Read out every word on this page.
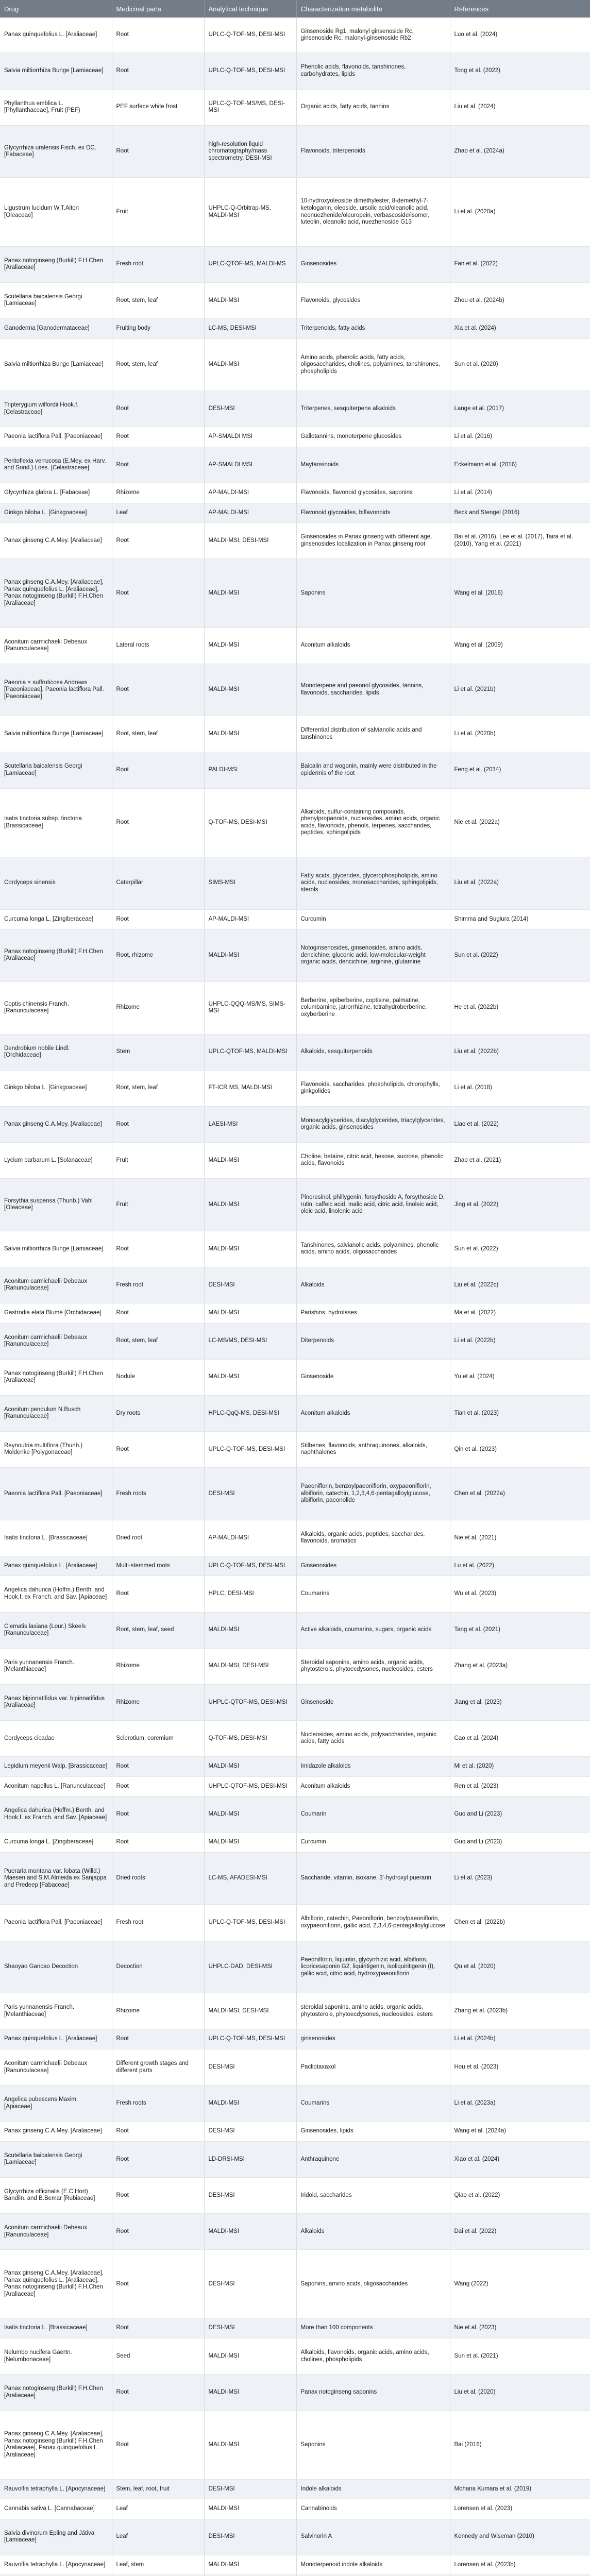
Drug	Medicinal parts	Analytical technique	Characterization metabolite	References
Panax quinquefolius L. [Araliaceae]	Root	UPLC-Q-TOF-MS, DESI-MSI	Ginsenoside Rg1, malonyl ginsenoside Rc, ginsenoside Rc, malonyl-ginsenoside Rb2	Luo et al. (2024)
Salvia miltiorrhiza Bunge [Lamiaceae]	Root	UPLC-Q-TOF-MS, DESI-MSI	Phenolic acids, flavonoids, tanshinones, carbohydrates, lipids	Tong et al. (2022)
Phyllanthus emblica L. [Phyllanthaceae], Fruit (PEF)	PEF surface white frost	UPLC-Q-TOF-MS/MS, DESI-MSI	Organic acids, fatty acids, tannins	Liu et al. (2024)
Glycyrrhiza uralensis Fisch. ex DC. [Fabaceae]	Root	high-resolution liquid chromatography/mass spectrometry, DESI-MSI	Flavonoids, triterpenoids	Zhao et al. (2024a)
Ligustrum lucidum W.T.Aiton [Oleaceae]	Fruit	UHPLC-Q-Orbitrap-MS, MALDI-MSI	10-hydroxyoleoside dimethylester, 8-demethyl-7-ketologanin, oleoside, ursolic acid/oleanolic acid, neonuezhenide/oleuropein, verbascoside/isomer, luteolin, oleanolic acid, nuezhenoside G13	Li et al. (2020a)
Panax notoginseng (Burkill) F.H.Chen [Araliaceae]	Fresh root	UPLC-QTOF-MS, MALDI-MS	Ginsenosides	Fan et al. (2022)
Scutellaria baicalensis Georgi [Lamiaceae]	Root, stem, leaf	MALDI-MSI	Flavonoids, glycosides	Zhou et al. (2024b)
Ganoderma [Ganodermataceae]	Fruiting body	LC-MS, DESI-MSI	Triterpenoids, fatty acids	Xia et al. (2024)
Salvia miltiorrhiza Bunge [Lamiaceae]	Root, stem, leaf	MALDI-MSI	Amino acids, phenolic acids, fatty acids, oligosaccharides, cholines, polyamines, tanshinones, phospholipids	Sun et al. (2020)
Tripterygium wilfordii Hook.f. [Celastraceae]	Root	DESI-MSI	Triterpenes, sesquiterpene alkaloids	Lange et al. (2017)
Paeonia lactiflora Pall. [Paeoniaceae]	Root	AP-SMALDI MSI	Gallotannins, monoterpene glucosides	Li et al. (2016)
Peritoflexia verrucosa (E.Mey. ex Harv. and Sond.) Loes. [Celastraceae]	Root	AP-SMALDI MSI	Maytansinoids	Eckelmann et al. (2016)
Glycyrrhiza glabra L. [Fabaceae]	Rhizome	AP-MALDI-MSI	Flavonoids, flavonoid glycosides, saponins	Li et al. (2014)
Ginkgo biloba L. [Ginkgoaceae]	Leaf	AP-MALDI-MSI	Flavonoid glycosides, biflavonoids	Beck and Stengel (2016)
Panax ginseng C.A.Mey. [Araliaceae]	Root	MALDI-MSI, DESI-MSI	Ginsenosides in Panax ginseng with different age, ginsenosides localization in Panax ginseng root	Bai et al. (2016), Lee et al. (2017), Taira et al. (2010), Yang et al. (2021)
Panax ginseng C.A.Mey. [Araliaceae], Panax quinquefolius L. [Araliaceae], Panax notoginseng (Burkill) F.H.Chen [Araliaceae]	Root	MALDI-MSI	Saponins	Wang et al. (2016)
Aconitum carmichaelii Debeaux [Ranunculaceae]	Lateral roots	MALDI-MSI	Aconitum alkaloids	Wang et al. (2009)
Paeonia × suffruticosa Andrews [Paeoniaceae], Paeonia lactiflora Pall. [Paeoniaceae]	Root	MALDI-MSI	Monoterpene and paeonol glycosides, tannins, flavonoids, saccharides, lipids	Li et al. (2021b)
Salvia miltiorrhiza Bunge [Lamiaceae]	Root, stem, leaf	MALDI-MSI	Differential distribution of salvianolic acids and tanshinones	Li et al. (2020b)
Scutellaria baicalensis Georgi [Lamiaceae]	Root	PALDI-MSI	Baicalin and wogonin, mainly were distributed in the epidermis of the root	Feng et al. (2014)
Isatis tinctoria subsp. tinctoria [Brassicaceae]	Root	Q-TOF-MS, DESI-MSI	Alkaloids, sulfur-containing compounds, phenylpropanoids, nucleosides, amino acids, organic acids, flavonoids, phenols, terpenes, saccharides, peptides, sphingolipids	Nie et al. (2022a)
Cordyceps sinensis	Caterpillar	SIMS-MSI	Fatty acids, glycerides, glycerophospholipids, amino acids, nucleosides, monosaccharides, sphingolipids, sterols	Liu et al. (2022a)
Curcuma longa L. [Zingiberaceae]	Root	AP-MALDI-MSI	Curcumin	Shimma and Sugiura (2014)
Panax notoginseng (Burkill) F.H.Chen [Araliaceae]	Root, rhizome	MALDI-MSI	Notoginsenosides, ginsenosides, amino acids, dencichine, gluconic acid, low-molecular-weight organic acids, dencichine, arginine, glutamine	Sun et al. (2022)
Coptis chinensis Franch. [Ranunculaceae]	Rhizome	UHPLC-QQQ-MS/MS, SIMS-MSI	Berberine, epiberberine, coptisine, palmatine, columbamine, jatrorrhizine, tetrahydroberberine, oxyberberine	He et al. (2022b)
Dendrobium nobile Lindl. [Orchidaceae]	Stem	UPLC-QTOF-MS, MALDI-MSI	Alkaloids, sesquiterpenoids	Liu et al. (2022b)
Ginkgo biloba L. [Ginkgoaceae]	Root, stem, leaf	FT-ICR MS, MALDI-MSI	Flavonoids, saccharides, phospholipids, chlorophylls, ginkgolides	Li et al. (2018)
Panax ginseng C.A.Mey. [Araliaceae]	Root	LAESI-MSI	Monoacylglycerides, diacylglycerides, triacylglycerides, organic acids, ginsenosides	Liao et al. (2022)
Lycium barbarum L. [Solanaceae]	Fruit	MALDI-MSI	Choline, betaine, citric acid, hexose, sucrose, phenolic acids, flavonoids	Zhao et al. (2021)
Forsythia suspensa (Thunb.) Vahl [Oleaceae]	Fruit	MALDI-MSI	Pinoresinol, phillygenin, forsythoside A, forsythoside D, rutin, caffeic acid, malic acid, citric acid, linoleic acid, oleic acid, linolenic acid	Jing et al. (2022)
Salvia miltiorrhiza Bunge [Lamiaceae]	Root	MALDI-MSI	Tanshinones, salvianolic acids, polyamines, phenolic acids, amino acids, oligosaccharides	Sun et al. (2022)
Aconitum carmichaelii Debeaux [Ranunculaceae]	Fresh root	DESI-MSI	Alkaloids	Liu et al. (2022c)
Gastrodia elata Blume [Orchidaceae]	Root	MALDI-MSI	Parishins, hydrolases	Ma et al. (2022)
Aconitum carmichaelii Debeaux [Ranunculaceae]	Root, stem, leaf	LC-MS/MS, DESI-MSI	Diterpenoids	Li et al. (2022b)
Panax notoginseng (Burkill) F.H.Chen [Araliaceae]	Nodule	MALDI-MSI	Ginsenoside	Yu et al. (2024)
Aconitum pendulum N.Busch [Ranunculaceae]	Dry roots	HPLC-QqQ-MS, DESI-MSI	Aconitum alkaloids	Tian et al. (2023)
Reynoutria multiflora (Thunb.) Moldenke [Polygonaceae]	Root	UPLC-Q-TOF-MS, DESI-MSI	Stilbenes, flavonoids, anthraquinones, alkaloids, naphthalenes	Qin et al. (2023)
Paeonia lactiflora Pall. [Paeoniaceae]	Fresh roots	DESI-MSI	Paeoniflorin, benzoylpaeoniflorin, oxypaeoniflorin, albiflorin, catechin, 1,2,3,4,6-pentagalloylglucose, albiflorin, paeonolide	Chen et al. (2022a)
Isatis tinctoria L. [Brassicaceae]	Dried root	AP-MALDI-MSI	Alkaloids, organic acids, peptides, saccharides, flavonoids, aromatics	Nie et al. (2021)
Panax quinquefolius L. [Araliaceae]	Multi-stemmed roots	UPLC-Q-TOF-MS, DESI-MSI	Ginsenosides	Lu et al. (2022)
Angelica dahurica (Hoffm.) Benth. and Hook.f. ex Franch. and Sav. [Apiaceae]	Root	HPLC, DESI-MSI	Coumarins	Wu et al. (2023)
Clematis lasiana (Lour.) Skeels [Ranunculaceae]	Root, stem, leaf, seed	MALDI-MSI	Active alkaloids, coumarins, sugars, organic acids	Tang et al. (2021)
Paris yunnanensis Franch. [Melanthiaceae]	Rhizome	MALDI-MSI, DESI-MSI	Steroidal saponins, amino acids, organic acids, phytosterols, phytoecdysones, nucleosides, esters	Zhang et al. (2023a)
Panax bipinnatifidus var. bipinnatifidus [Araliaceae]	Rhizome	UHPLC-QTOF-MS, DESI-MSI	Ginsenoside	Jiang et al. (2023)
Cordyceps cicadae	Sclerotium, coremium	Q-TOF-MS, DESI-MSI	Nucleosides, amino acids, polysaccharides, organic acids, fatty acids	Cao et al. (2024)
Lepidium meyenii Walp. [Brassicaceae]	Root	MALDI-MSI	Imidazole alkaloids	Mi et al. (2020)
Aconitum napellus L. [Ranunculaceae]	Root	UHPLC-QTOF-MS, DESI-MSI	Aconitum alkaloids	Ren et al. (2023)
Angelica dahurica (Hoffm.) Benth. and Hook.f. ex Franch. and Sav. [Apiaceae]	Root	MALDI-MSI	Coumarin	Guo and Li (2023)
Curcuma longa L. [Zingiberaceae]	Root	MALDI-MSI	Curcumin	Guo and Li (2023)
Pueraria montana var. lobata (Willd.) Maesen and S.M.Almeida ex Sanjappa and Predeep [Fabaceae]	Dried roots	LC-MS, AFADESI-MSI	Saccharide, vitamin, isoxane, 3'-hydroxyl puerarin	Li et al. (2023)
Paeonia lactiflora Pall. [Paeoniaceae]	Fresh root	UPLC-Q-TOF-MS, DESI-MSI	Albiflorin, catechin, Paeoniflorin, benzoylpaeoniflorin, oxypaeoniflorin, gallic acid, 2,3,4,6-pentagalloylglucose	Chen et al. (2022b)
Shaoyao Gancao Decoction	Decoction	UHPLC-DAD, DESI-MSI	Paeoniflorin, liquiritin, glycyrrhizic acid, albiflorin, licoricesaponin G2, liquiritigenin, isoliquiritigenin (I), gallic acid, citric acid, hydroxypaeoniflorin	Qu et al. (2020)
Paris yunnanensis Franch. [Melanthiaceae]	Rhizome	MALDI-MSI, DESI-MSI	steroidal saponins, amino acids, organic acids, phytosterols, phytoecdysones, nucleosides, esters	Zhang et al. (2023b)
Panax quinquefolius L. [Araliaceae]	Root	UPLC-Q-TOF-MS, DESI-MSI	ginsenosides	Li et al. (2024b)
Aconitum carmichaelii Debeaux [Ranunculaceae]	Different growth stages and different parts	DESI-MSI	Pacliotaxaxol	Hou et al. (2023)
Angelica pubescens Maxim. [Apiaceae]	Fresh roots	MALDI-MSI	Coumarins	Li et al. (2023a)
Panax ginseng C.A.Mey. [Araliaceae]	Root	DESI-MSI	Ginsenosides, lipids	Wang et al. (2024a)
Scutellaria baicalensis Georgi [Lamiaceae]	Root	LD-DRSI-MSI	Anthraquinone	Xiao et al. (2024)
Glycyrrhiza officinalis (E.C.Hort) Bandiln. and B.Bemar [Rubiaceae]	Root	DESI-MSI	Iridoid, saccharides	Qiao et al. (2022)
Aconitum carmichaelii Debeaux [Ranunculaceae]	Root	MALDI-MSI	Alkaloids	Dai et al. (2022)
Panax ginseng C.A.Mey. [Araliaceae], Panax quinquefolius L. [Araliaceae], Panax notoginseng (Burkill) F.H.Chen [Araliaceae]	Root	DESI-MSI	Saponins, amino acids, oligosaccharides	Wang (2022)
Isatis tinctoria L. [Brassicaceae]	Root	DESI-MSI	More than 100 components	Nie et al. (2023)
Nelumbo nucifera Gaertn. [Nelumbonaceae]	Seed	MALDI-MSI	Alkaloids, flavonoids, organic acids, amino acids, cholines, phospholipids	Sun et al. (2021)
Panax notoginseng (Burkill) F.H.Chen [Araliaceae]	Root	MALDI-MSI	Panax notoginseng saponins	Liu et al. (2020)
Panax ginseng C.A.Mey. [Araliaceae], Panax notoginseng (Burkill) F.H.Chen [Araliaceae], Panax quinquefolius L. [Araliaceae]	Root	MALDI-MSI	Saponins	Bai (2016)
Rauvolfia tetraphylla L. [Apocynaceae]	Stem, leaf, root, fruit	DESI-MSI	Indole alkaloids	Mohana Kumara et al. (2019)
Cannabis sativa L. [Cannabaceae]	Leaf	MALDI-MSI	Cannabinoids	Lorensen et al. (2023)
Salvia divinorum Epling and Játiva [Lamiaceae]	Leaf	DESI-MSI	Salvinorin A	Kennedy and Wiseman (2010)
Rauvolfia tetraphylla L. [Apocynaceae]	Leaf, stem	MALDI-MSI	Monoterpenoid indole alkaloids	Lorensen et al. (2023b)
